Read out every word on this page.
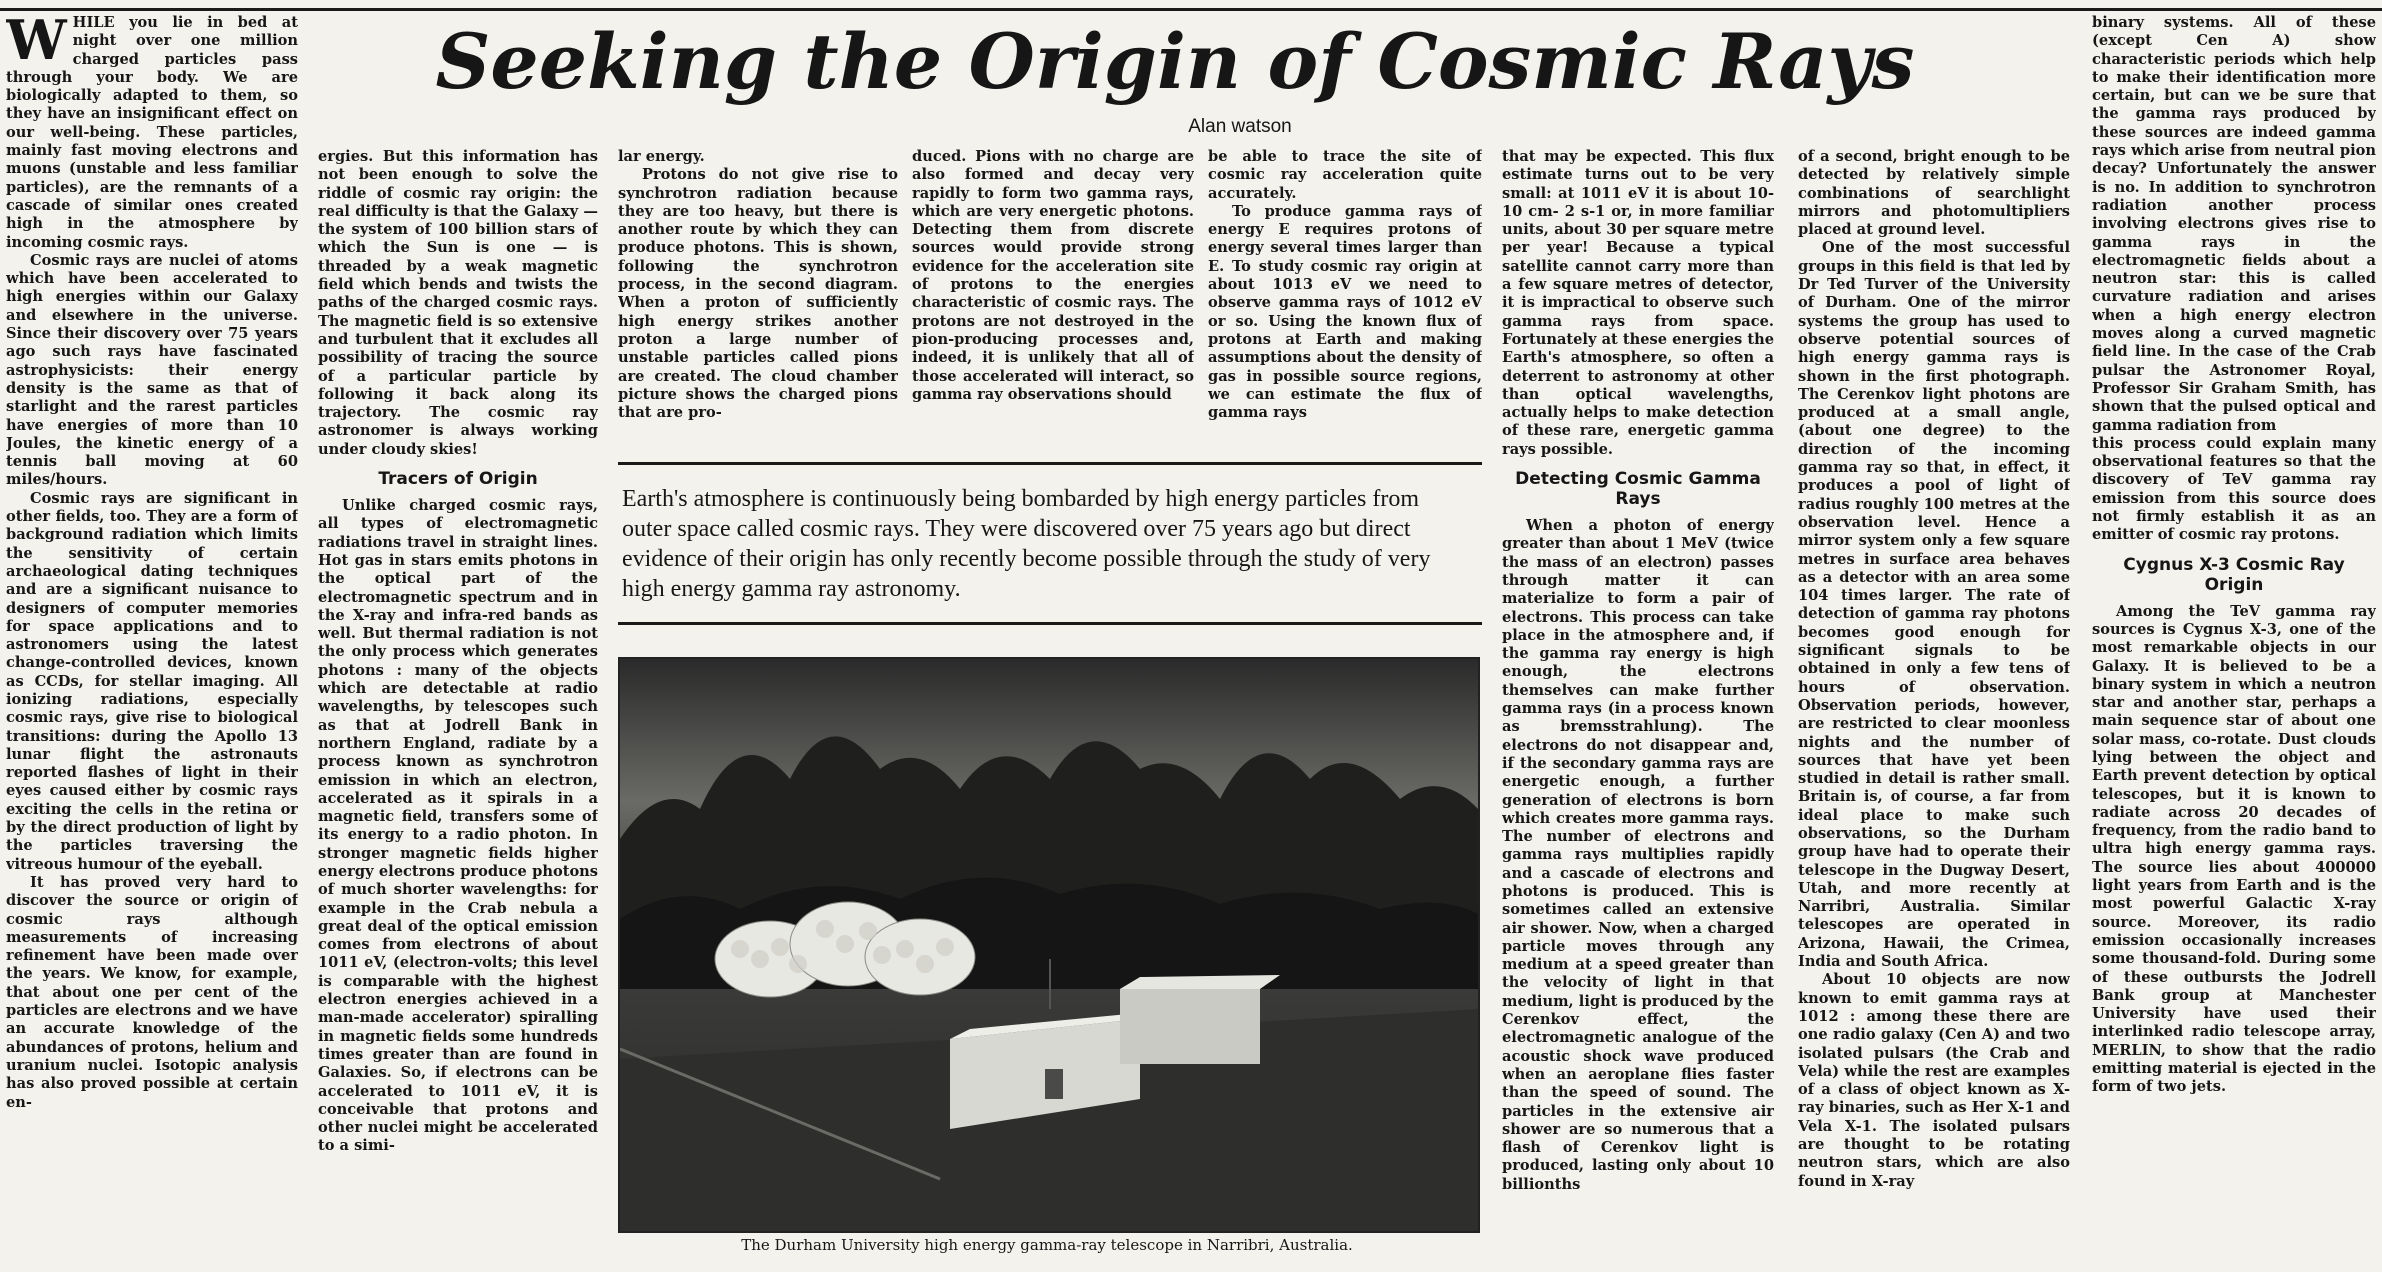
Seeking the Origin of Cosmic Rays
Alan watson

WHILE you lie in bed at night over one million charged particles pass through your body. We are biologically adapted to them, so they have an insignificant effect on our well-being. These particles, mainly fast moving electrons and muons (unstable and less familiar particles), are the remnants of a cascade of similar ones created high in the atmosphere by incoming cosmic rays.

Cosmic rays are nuclei of atoms which have been accelerated to high energies within our Galaxy and elsewhere in the universe. Since their discovery over 75 years ago such rays have fascinated astrophysicists: their energy density is the same as that of starlight and the rarest particles have energies of more than 10 Joules, the kinetic energy of a tennis ball moving at 60 miles/hours.

Cosmic rays are significant in other fields, too. They are a form of background radiation which limits the sensitivity of certain archaeological dating techniques and are a significant nuisance to designers of computer memories for space applications and to astronomers using the latest change-controlled devices, known as CCDs, for stellar imaging. All ionizing radiations, especially cosmic rays, give rise to biological transitions: during the Apollo 13 lunar flight the astronauts reported flashes of light in their eyes caused either by cosmic rays exciting the cells in the retina or by the direct production of light by the particles traversing the vitreous humour of the eyeball.

It has proved very hard to discover the source or origin of cosmic rays although measurements of increasing refinement have been made over the years. We know, for example, that about one per cent of the particles are electrons and we have an accurate knowledge of the abundances of protons, helium and uranium nuclei. Isotopic analysis has also proved possible at certain en-

ergies. But this information has not been enough to solve the riddle of cosmic ray origin: the real difficulty is that the Galaxy — the system of 100 billion stars of which the Sun is one — is threaded by a weak magnetic field which bends and twists the paths of the charged cosmic rays. The magnetic field is so extensive and turbulent that it excludes all possibility of tracing the source of a particular particle by following it back along its trajectory. The cosmic ray astronomer is always working under cloudy skies!

Tracers of Origin

Unlike charged cosmic rays, all types of electromagnetic radiations travel in straight lines. Hot gas in stars emits photons in the optical part of the electromagnetic spectrum and in the X-ray and infra-red bands as well. But thermal radiation is not the only process which generates photons : many of the objects which are detectable at radio wavelengths, by telescopes such as that at Jodrell Bank in northern England, radiate by a process known as synchrotron emission in which an electron, accelerated as it spirals in a magnetic field, transfers some of its energy to a radio photon. In stronger magnetic fields higher energy electrons produce photons of much shorter wavelengths: for example in the Crab nebula a great deal of the optical emission comes from electrons of about 1011 eV, (electron-volts; this level is comparable with the highest electron energies achieved in a man-made accelerator) spiralling in magnetic fields some hundreds times greater than are found in Galaxies. So, if electrons can be accelerated to 1011 eV, it is conceivable that protons and other nuclei might be accelerated to a simi-

lar energy.

Protons do not give rise to synchrotron radiation because they are too heavy, but there is another route by which they can produce photons. This is shown, following the synchrotron process, in the second diagram. When a proton of sufficiently high energy strikes another proton a large number of unstable particles called pions are created. The cloud chamber picture shows the charged pions that are pro-

duced. Pions with no charge are also formed and decay very rapidly to form two gamma rays, which are very energetic photons. Detecting them from discrete sources would provide strong evidence for the acceleration site of protons to the energies characteristic of cosmic rays. The protons are not destroyed in the pion-producing processes and, indeed, it is unlikely that all of those accelerated will interact, so gamma ray observations should

be able to trace the site of cosmic ray acceleration quite accurately.

To produce gamma rays of energy E requires protons of energy several times larger than E. To study cosmic ray origin at about 1013 eV we need to observe gamma rays of 1012 eV or so. Using the known flux of protons at Earth and making assumptions about the density of gas in possible source regions, we can estimate the flux of gamma rays

Earth's atmosphere is continuously being bombarded by high energy particles from outer space called cosmic rays. They were discovered over 75 years ago but direct evidence of their origin has only recently become possible through the study of very high energy gamma ray astronomy.
The Durham University high energy gamma-ray telescope in Narribri, Australia.

that may be expected. This flux estimate turns out to be very small: at 1011 eV it is about 10-10 cm- 2 s-1 or, in more familiar units, about 30 per square metre per year! Because a typical satellite cannot carry more than a few square metres of detector, it is impractical to observe such gamma rays from space. Fortunately at these energies the Earth's atmosphere, so often a deterrent to astronomy at other than optical wavelengths, actually helps to make detection of these rare, energetic gamma rays possible.

Detecting Cosmic Gamma Rays

When a photon of energy greater than about 1 MeV (twice the mass of an electron) passes through matter it can materialize to form a pair of electrons. This process can take place in the atmosphere and, if the gamma ray energy is high enough, the electrons themselves can make further gamma rays (in a process known as bremsstrahlung). The electrons do not disappear and, if the secondary gamma rays are energetic enough, a further generation of electrons is born which creates more gamma rays. The number of electrons and gamma rays multiplies rapidly and a cascade of electrons and photons is produced. This is sometimes called an extensive air shower. Now, when a charged particle moves through any medium at a speed greater than the velocity of light in that medium, light is produced by the Cerenkov effect, the electromagnetic analogue of the acoustic shock wave produced when an aeroplane flies faster than the speed of sound. The particles in the extensive air shower are so numerous that a flash of Cerenkov light is produced, lasting only about 10 billionths

of a second, bright enough to be detected by relatively simple combinations of searchlight mirrors and photomultipliers placed at ground level.

One of the most successful groups in this field is that led by Dr Ted Turver of the University of Durham. One of the mirror systems the group has used to observe potential sources of high energy gamma rays is shown in the first photograph. The Cerenkov light photons are produced at a small angle, (about one degree) to the direction of the incoming gamma ray so that, in effect, it produces a pool of light of radius roughly 100 metres at the observation level. Hence a mirror system only a few square metres in surface area behaves as a detector with an area some 104 times larger. The rate of detection of gamma ray photons becomes good enough for significant signals to be obtained in only a few tens of hours of observation. Observation periods, however, are restricted to clear moonless nights and the number of sources that have yet been studied in detail is rather small. Britain is, of course, a far from ideal place to make such observations, so the Durham group have had to operate their telescope in the Dugway Desert, Utah, and more recently at Narribri, Australia. Similar telescopes are operated in Arizona, Hawaii, the Crimea, India and South Africa.

About 10 objects are now known to emit gamma rays at 1012 : among these there are one radio galaxy (Cen A) and two isolated pulsars (the Crab and Vela) while the rest are examples of a class of object known as X-ray binaries, such as Her X-1 and Vela X-1. The isolated pulsars are thought to be rotating neutron stars, which are also found in X-ray

binary systems. All of these (except Cen A) show characteristic periods which help to make their identification more certain, but can we be sure that the gamma rays produced by these sources are indeed gamma rays which arise from neutral pion decay? Unfortunately the answer is no. In addition to synchrotron radiation another process involving electrons gives rise to gamma rays in the electromagnetic fields about a neutron star: this is called curvature radiation and arises when a high energy electron moves along a curved magnetic field line. In the case of the Crab pulsar the Astronomer Royal, Professor Sir Graham Smith, has shown that the pulsed optical and gamma radiation from

this process could explain many observational features so that the discovery of TeV gamma ray emission from this source does not firmly establish it as an emitter of cosmic ray protons.

Cygnus X-3 Cosmic Ray Origin

Among the TeV gamma ray sources is Cygnus X-3, one of the most remarkable objects in our Galaxy. It is believed to be a binary system in which a neutron star and another star, perhaps a main sequence star of about one solar mass, co-rotate. Dust clouds lying between the object and Earth prevent detection by optical telescopes, but it is known to radiate across 20 decades of frequency, from the radio band to ultra high energy gamma rays. The source lies about 400000 light years from Earth and is the most powerful Galactic X-ray source. Moreover, its radio emission occasionally increases some thousand-fold. During some of these outbursts the Jodrell Bank group at Manchester University have used their interlinked radio telescope array, MERLIN, to show that the radio emitting material is ejected in the form of two jets.
